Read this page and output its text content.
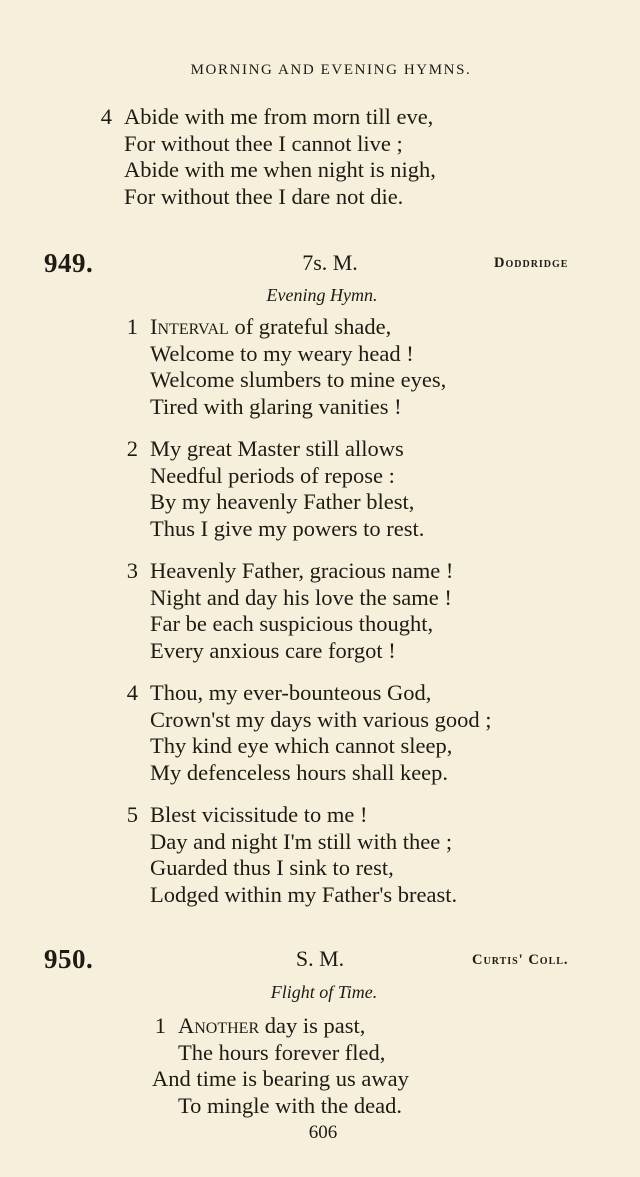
MORNING AND EVENING HYMNS.
4 Abide with me from morn till eve,
For without thee I cannot live ;
Abide with me when night is nigh,
For without thee I dare not die.
949.	7s. M.	Doddridge
Evening Hymn.
1 Interval of grateful shade,
Welcome to my weary head !
Welcome slumbers to mine eyes,
Tired with glaring vanities !
2 My great Master still allows
Needful periods of repose :
By my heavenly Father blest,
Thus I give my powers to rest.
3 Heavenly Father, gracious name !
Night and day his love the same !
Far be each suspicious thought,
Every anxious care forgot !
4 Thou, my ever-bounteous God,
Crown'st my days with various good ;
Thy kind eye which cannot sleep,
My defenceless hours shall keep.
5 Blest vicissitude to me !
Day and night I'm still with thee ;
Guarded thus I sink to rest,
Lodged within my Father's breast.
950.	S. M.	Curtis' Coll.
Flight of Time.
1 Another day is past,
The hours forever fled,
And time is bearing us away
To mingle with the dead.
606
